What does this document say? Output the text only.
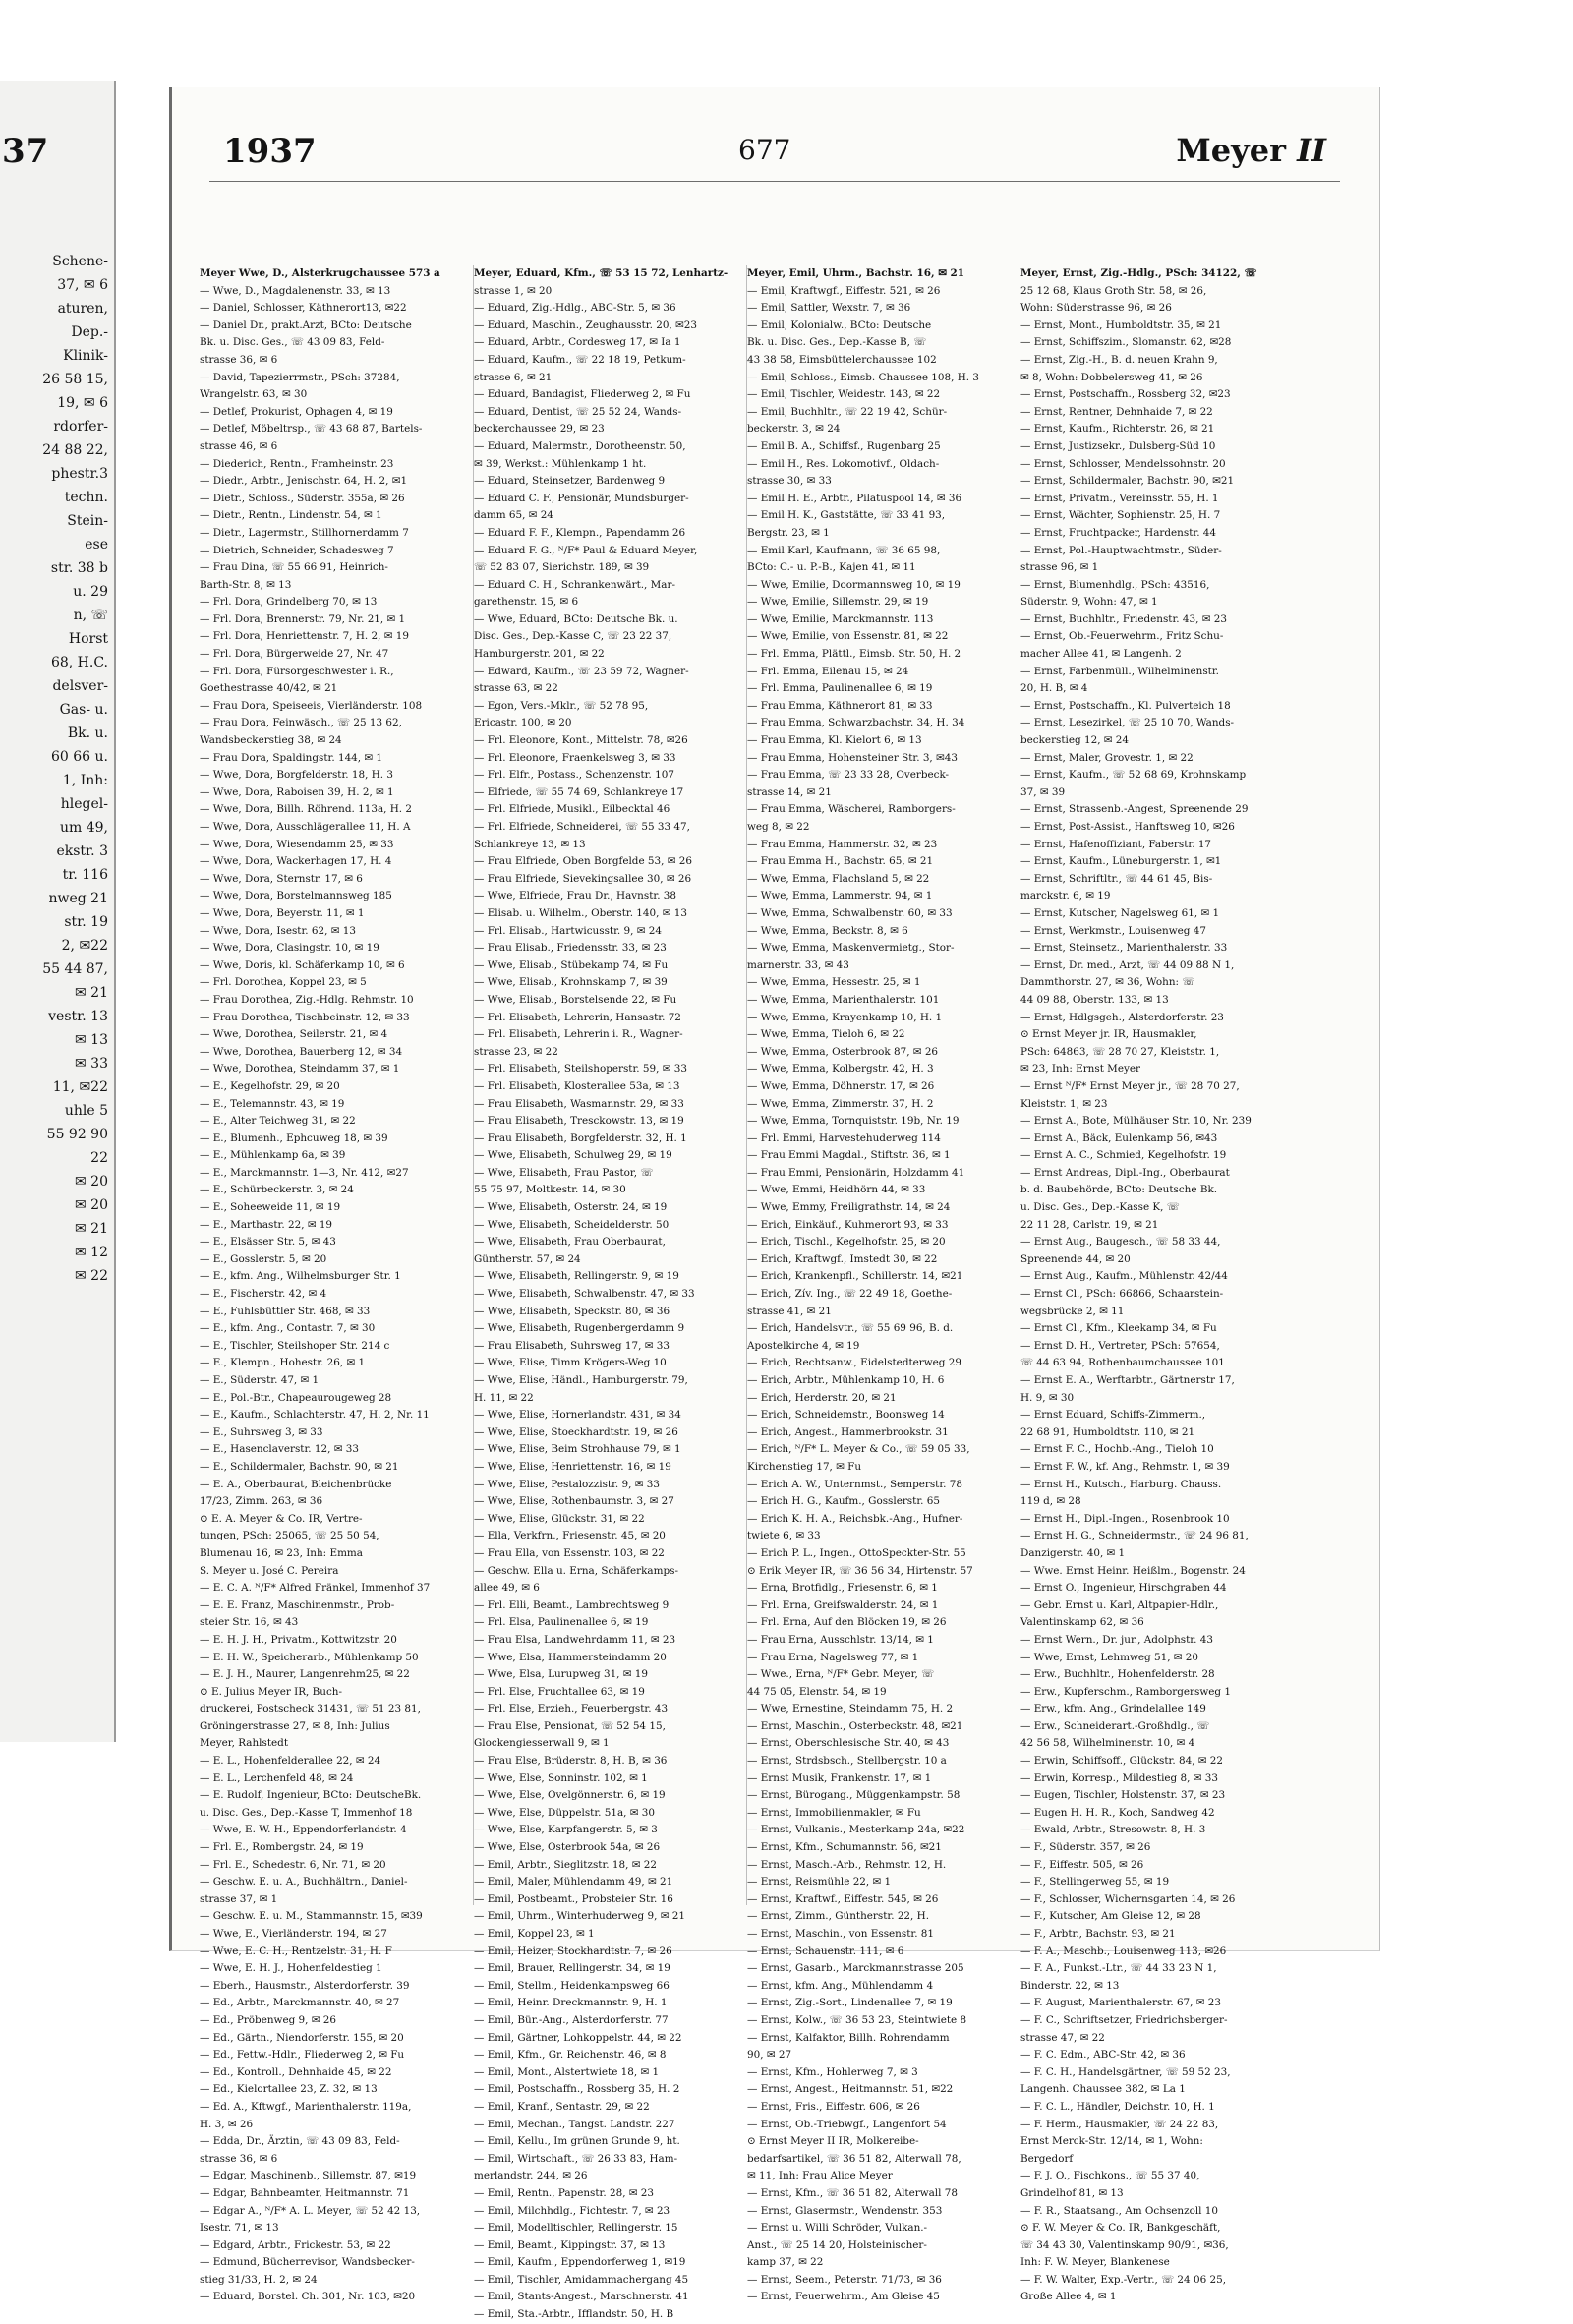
37
Schene-
37, ✉ 6
aturen,
Dep.-
Klinik-
26 58 15,
19, ✉ 6
rdorfer-
24 88 22,
phestr.3
techn.
Stein-
ese
str. 38 b
u. 29
n, ☏
Horst
68, H.C.
delsver-
Gas- u.
Bk. u.
60 66 u.
1, Inh:
hlegel-
um 49,
ekstr. 3
tr. 116
nweg 21
str. 19
2, ✉22
55 44 87,
✉ 21
vestr. 13
✉ 13
✉ 33
11, ✉22
uhle 5
55 92 90
22
✉ 20
✉ 20
✉ 21
✉ 12
✉ 22
1937	677	Meyer II
Meyer Wwe, D., Alsterkrugchaussee 573 a
— Wwe, D., Magdalenenstr. 33, ✉ 13
— Daniel, Schlosser, Käthnerort13, ✉22
— Daniel Dr., prakt.Arzt, BCto: Deutsche
Bk. u. Disc. Ges., ☏ 43 09 83, Feld-
strasse 36, ✉ 6
— David, Tapezierrmstr., PSch: 37284,
Wrangelstr. 63, ✉ 30
— Detlef, Prokurist, Ophagen 4, ✉ 19
— Detlef, Möbeltrsp., ☏ 43 68 87, Bartels-
strasse 46, ✉ 6
— Diederich, Rentn., Framheinstr. 23
— Diedr., Arbtr., Jenischstr. 64, H. 2, ✉1
— Dietr., Schloss., Süderstr. 355a, ✉ 26
— Dietr., Rentn., Lindenstr. 54, ✉ 1
— Dietr., Lagermstr., Stillhornerdamm 7
— Dietrich, Schneider, Schadesweg 7
— Frau Dina, ☏ 55 66 91, Heinrich-
Barth-Str. 8, ✉ 13
— Frl. Dora, Grindelberg 70, ✉ 13
— Frl. Dora, Brennerstr. 79, Nr. 21, ✉ 1
— Frl. Dora, Henriettenstr. 7, H. 2, ✉ 19
— Frl. Dora, Bürgerweide 27, Nr. 47
— Frl. Dora, Fürsorgeschwester i. R.,
Goethestrasse 40/42, ✉ 21
— Frau Dora, Speiseeis, Vierländerstr. 108
— Frau Dora, Feinwäsch., ☏ 25 13 62,
Wandsbeckerstieg 38, ✉ 24
— Frau Dora, Spaldingstr. 144, ✉ 1
— Wwe, Dora, Borgfelderstr. 18, H. 3
— Wwe, Dora, Raboisen 39, H. 2, ✉ 1
— Wwe, Dora, Billh. Röhrend. 113a, H. 2
— Wwe, Dora, Ausschlägerallee 11, H. A
— Wwe, Dora, Wiesendamm 25, ✉ 33
— Wwe, Dora, Wackerhagen 17, H. 4
— Wwe, Dora, Sternstr. 17, ✉ 6
— Wwe, Dora, Borstelmannsweg 185
— Wwe, Dora, Beyerstr. 11, ✉ 1
— Wwe, Dora, Isestr. 62, ✉ 13
— Wwe, Dora, Clasingstr. 10, ✉ 19
— Wwe, Doris, kl. Schäferkamp 10, ✉ 6
— Frl. Dorothea, Koppel 23, ✉ 5
— Frau Dorothea, Zig.-Hdlg. Rehmstr. 10
— Frau Dorothea, Tischbeinstr. 12, ✉ 33
— Wwe, Dorothea, Seilerstr. 21, ✉ 4
— Wwe, Dorothea, Bauerberg 12, ✉ 34
— Wwe, Dorothea, Steindamm 37, ✉ 1
— E., Kegelhofstr. 29, ✉ 20
— E., Telemannstr. 43, ✉ 19
— E., Alter Teichweg 31, ✉ 22
— E., Blumenh., Ephcuweg 18, ✉ 39
— E., Mühlenkamp 6a, ✉ 39
— E., Marckmannstr. 1—3, Nr. 412, ✉27
— E., Schürbeckerstr. 3, ✉ 24
— E., Soheeweide 11, ✉ 19
— E., Marthastr. 22, ✉ 19
— E., Elsässer Str. 5, ✉ 43
— E., Gosslerstr. 5, ✉ 20
— E., kfm. Ang., Wilhelmsburger Str. 1
— E., Fischerstr. 42, ✉ 4
— E., Fuhlsbüttler Str. 468, ✉ 33
— E., kfm. Ang., Contastr. 7, ✉ 30
— E., Tischler, Steilshoper Str. 214 c
— E., Klempn., Hohestr. 26, ✉ 1
— E., Süderstr. 47, ✉ 1
— E., Pol.-Btr., Chapeaurougeweg 28
— E., Kaufm., Schlachterstr. 47, H. 2, Nr. 11
— E., Suhrsweg 3, ✉ 33
— E., Hasenclaverstr. 12, ✉ 33
— E., Schildermaler, Bachstr. 90, ✉ 21
— E. A., Oberbaurat, Bleichenbrücke
17/23, Zimm. 263, ✉ 36
⊙ E. A. Meyer & Co. IR, Vertre-
tungen, PSch: 25065, ☏ 25 50 54,
Blumenau 16, ✉ 23, Inh: Emma
S. Meyer u. José C. Pereira
— E. C. A. ᴺ/F* Alfred Fränkel, Immenhof 37
— E. E. Franz, Maschinenmstr., Prob-
steier Str. 16, ✉ 43
— E. H. J. H., Privatm., Kottwitzstr. 20
— E. H. W., Speicherarb., Mühlenkamp 50
— E. J. H., Maurer, Langenrehm25, ✉ 22
⊙ E. Julius Meyer IR, Buch-
druckerei, Postscheck 31431, ☏ 51 23 81,
Gröningerstrasse 27, ✉ 8, Inh: Julius
Meyer, Rahlstedt
— E. L., Hohenfelderallee 22, ✉ 24
— E. L., Lerchenfeld 48, ✉ 24
— E. Rudolf, Ingenieur, BCto: DeutscheBk.
u. Disc. Ges., Dep.-Kasse T, Immenhof 18
— Wwe, E. W. H., Eppendorferlandstr. 4
— Frl. E., Rombergstr. 24, ✉ 19
— Frl. E., Schedestr. 6, Nr. 71, ✉ 20
— Geschw. E. u. A., Buchhältrn., Daniel-
strasse 37, ✉ 1
— Geschw. E. u. M., Stammannstr. 15, ✉39
— Wwe, E., Vierländerstr. 194, ✉ 27
— Wwe, E. C. H., Rentzelstr. 31, H. F
— Wwe, E. H. J., Hohenfeldestieg 1
— Eberh., Hausmstr., Alsterdorferstr. 39
— Ed., Arbtr., Marckmannstr. 40, ✉ 27
— Ed., Pröbenweg 9, ✉ 26
— Ed., Gärtn., Niendorferstr. 155, ✉ 20
— Ed., Fettw.-Hdlr., Fliederweg 2, ✉ Fu
— Ed., Kontroll., Dehnhaide 45, ✉ 22
— Ed., Kielortallee 23, Z. 32, ✉ 13
— Ed. A., Kftwgf., Marienthalerstr. 119a,
H. 3, ✉ 26
— Edda, Dr., Ärztin, ☏ 43 09 83, Feld-
strasse 36, ✉ 6
— Edgar, Maschinenb., Sillemstr. 87, ✉19
— Edgar, Bahnbeamter, Heitmannstr. 71
— Edgar A., ᴺ/F* A. L. Meyer, ☏ 52 42 13,
Isestr. 71, ✉ 13
— Edgard, Arbtr., Frickestr. 53, ✉ 22
— Edmund, Bücherrevisor, Wandsbecker-
stieg 31/33, H. 2, ✉ 24
— Eduard, Borstel. Ch. 301, Nr. 103, ✉20
Meyer, Eduard, Kfm., ☏ 53 15 72, Lenhartz-
strasse 1, ✉ 20
— Eduard, Zig.-Hdlg., ABC-Str. 5, ✉ 36
— Eduard, Maschin., Zeughausstr. 20, ✉23
— Eduard, Arbtr., Cordesweg 17, ✉ Ia 1
— Eduard, Kaufm., ☏ 22 18 19, Petkum-
strasse 6, ✉ 21
— Eduard, Bandagist, Fliederweg 2, ✉ Fu
— Eduard, Dentist, ☏ 25 52 24, Wands-
beckerchaussee 29, ✉ 23
— Eduard, Malermstr., Dorotheenstr. 50,
✉ 39, Werkst.: Mühlenkamp 1 ht.
— Eduard, Steinsetzer, Bardenweg 9
— Eduard C. F., Pensionär, Mundsburger-
damm 65, ✉ 24
— Eduard F. F., Klempn., Papendamm 26
— Eduard F. G., ᴺ/F* Paul & Eduard Meyer,
☏ 52 83 07, Sierichstr. 189, ✉ 39
— Eduard C. H., Schrankenwärt., Mar-
garethenstr. 15, ✉ 6
— Wwe, Eduard, BCto: Deutsche Bk. u.
Disc. Ges., Dep.-Kasse C, ☏ 23 22 37,
Hamburgerstr. 201, ✉ 22
— Edward, Kaufm., ☏ 23 59 72, Wagner-
strasse 63, ✉ 22
— Egon, Vers.-Mklr., ☏ 52 78 95,
Ericastr. 100, ✉ 20
— Frl. Eleonore, Kont., Mittelstr. 78, ✉26
— Frl. Eleonore, Fraenkelsweg 3, ✉ 33
— Frl. Elfr., Postass., Schenzenstr. 107
— Elfriede, ☏ 55 74 69, Schlankreye 17
— Frl. Elfriede, Musikl., Eilbecktal 46
— Frl. Elfriede, Schneiderei, ☏ 55 33 47,
Schlankreye 13, ✉ 13
— Frau Elfriede, Oben Borgfelde 53, ✉ 26
— Frau Elfriede, Sievekingsallee 30, ✉ 26
— Wwe, Elfriede, Frau Dr., Havnstr. 38
— Elisab. u. Wilhelm., Oberstr. 140, ✉ 13
— Frl. Elisab., Hartwicusstr. 9, ✉ 24
— Frau Elisab., Friedensstr. 33, ✉ 23
— Wwe, Elisab., Stübekamp 74, ✉ Fu
— Wwe, Elisab., Krohnskamp 7, ✉ 39
— Wwe, Elisab., Borstelsende 22, ✉ Fu
— Frl. Elisabeth, Lehrerin, Hansastr. 72
— Frl. Elisabeth, Lehrerin i. R., Wagner-
strasse 23, ✉ 22
— Frl. Elisabeth, Steilshoperstr. 59, ✉ 33
— Frl. Elisabeth, Klosterallee 53a, ✉ 13
— Frau Elisabeth, Wasmannstr. 29, ✉ 33
— Frau Elisabeth, Tresckowstr. 13, ✉ 19
— Frau Elisabeth, Borgfelderstr. 32, H. 1
— Wwe, Elisabeth, Schulweg 29, ✉ 19
— Wwe, Elisabeth, Frau Pastor, ☏
55 75 97, Moltkestr. 14, ✉ 30
— Wwe, Elisabeth, Osterstr. 24, ✉ 19
— Wwe, Elisabeth, Scheidelderstr. 50
— Wwe, Elisabeth, Frau Oberbaurat,
Güntherstr. 57, ✉ 24
— Wwe, Elisabeth, Rellingerstr. 9, ✉ 19
— Wwe, Elisabeth, Schwalbenstr. 47, ✉ 33
— Wwe, Elisabeth, Speckstr. 80, ✉ 36
— Wwe, Elisabeth, Rugenbergerdamm 9
— Frau Elisabeth, Suhrsweg 17, ✉ 33
— Wwe, Elise, Timm Krögers-Weg 10
— Wwe, Elise, Händl., Hamburgerstr. 79,
H. 11, ✉ 22
— Wwe, Elise, Hornerlandstr. 431, ✉ 34
— Wwe, Elise, Stoeckhardtstr. 19, ✉ 26
— Wwe, Elise, Beim Strohhause 79, ✉ 1
— Wwe, Elise, Henriettenstr. 16, ✉ 19
— Wwe, Elise, Pestalozzistr. 9, ✉ 33
— Wwe, Elise, Rothenbaumstr. 3, ✉ 27
— Wwe, Elise, Glückstr. 31, ✉ 22
— Ella, Verkfrn., Friesenstr. 45, ✉ 20
— Frau Ella, von Essenstr. 103, ✉ 22
— Geschw. Ella u. Erna, Schäferkamps-
allee 49, ✉ 6
— Frl. Elli, Beamt., Lambrechtsweg 9
— Frl. Elsa, Paulinenallee 6, ✉ 19
— Frau Elsa, Landwehrdamm 11, ✉ 23
— Wwe, Elsa, Hammersteindamm 20
— Wwe, Elsa, Lurupweg 31, ✉ 19
— Frl. Else, Fruchtallee 63, ✉ 19
— Frl. Else, Erzieh., Feuerbergstr. 43
— Frau Else, Pensionat, ☏ 52 54 15,
Glockengiesserwall 9, ✉ 1
— Frau Else, Brüderstr. 8, H. B, ✉ 36
— Wwe, Else, Sonninstr. 102, ✉ 1
— Wwe, Else, Ovelgönnerstr. 6, ✉ 19
— Wwe, Else, Düppelstr. 51a, ✉ 30
— Wwe, Else, Karpfangerstr. 5, ✉ 3
— Wwe, Else, Osterbrook 54a, ✉ 26
— Emil, Arbtr., Sieglitzstr. 18, ✉ 22
— Emil, Maler, Mühlendamm 49, ✉ 21
— Emil, Postbeamt., Probsteier Str. 16
— Emil, Uhrm., Winterhuderweg 9, ✉ 21
— Emil, Koppel 23, ✉ 1
— Emil, Heizer, Stockhardtstr. 7, ✉ 26
— Emil, Brauer, Rellingerstr. 34, ✉ 19
— Emil, Stellm., Heidenkampsweg 66
— Emil, Heinr. Dreckmannstr. 9, H. 1
— Emil, Bür.-Ang., Alsterdorferstr. 77
— Emil, Gärtner, Lohkoppelstr. 44, ✉ 22
— Emil, Kfm., Gr. Reichenstr. 46, ✉ 8
— Emil, Mont., Alstertwiete 18, ✉ 1
— Emil, Postschaffn., Rossberg 35, H. 2
— Emil, Kranf., Sentastr. 29, ✉ 22
— Emil, Mechan., Tangst. Landstr. 227
— Emil, Kellu., Im grünen Grunde 9, ht.
— Emil, Wirtschaft., ☏ 26 33 83, Ham-
merlandstr. 244, ✉ 26
— Emil, Rentn., Papenstr. 28, ✉ 23
— Emil, Milchhdlg., Fichtestr. 7, ✉ 23
— Emil, Modelltischler, Rellingerstr. 15
— Emil, Beamt., Kippingstr. 37, ✉ 13
— Emil, Kaufm., Eppendorferweg 1, ✉19
— Emil, Tischler, Amidammachergang 45
— Emil, Stants-Angest., Marschnerstr. 41
— Emil, Sta.-Arbtr., Ifflandstr. 50, H. B
Meyer, Emil, Uhrm., Bachstr. 16, ✉ 21
— Emil, Kraftwgf., Eiffestr. 521, ✉ 26
— Emil, Sattler, Wexstr. 7, ✉ 36
— Emil, Kolonialw., BCto: Deutsche
Bk. u. Disc. Ges., Dep.-Kasse B, ☏
43 38 58, Eimsbüttelerchaussee 102
— Emil, Schloss., Eimsb. Chaussee 108, H. 3
— Emil, Tischler, Weidestr. 143, ✉ 22
— Emil, Buchhltr., ☏ 22 19 42, Schür-
beckerstr. 3, ✉ 24
— Emil B. A., Schiffsf., Rugenbarg 25
— Emil H., Res. Lokomotivf., Oldach-
strasse 30, ✉ 33
— Emil H. E., Arbtr., Pilatuspool 14, ✉ 36
— Emil H. K., Gaststätte, ☏ 33 41 93,
Bergstr. 23, ✉ 1
— Emil Karl, Kaufmann, ☏ 36 65 98,
BCto: C.- u. P.-B., Kajen 41, ✉ 11
— Wwe, Emilie, Doormannsweg 10, ✉ 19
— Wwe, Emilie, Sillemstr. 29, ✉ 19
— Wwe, Emilie, Marckmannstr. 113
— Wwe, Emilie, von Essenstr. 81, ✉ 22
— Frl. Emma, Plättl., Eimsb. Str. 50, H. 2
— Frl. Emma, Eilenau 15, ✉ 24
— Frl. Emma, Paulinenallee 6, ✉ 19
— Frau Emma, Käthnerort 81, ✉ 33
— Frau Emma, Schwarzbachstr. 34, H. 34
— Frau Emma, Kl. Kielort 6, ✉ 13
— Frau Emma, Hohensteiner Str. 3, ✉43
— Frau Emma, ☏ 23 33 28, Overbeck-
strasse 14, ✉ 21
— Frau Emma, Wäscherei, Ramborgers-
weg 8, ✉ 22
— Frau Emma, Hammerstr. 32, ✉ 23
— Frau Emma H., Bachstr. 65, ✉ 21
— Wwe, Emma, Flachsland 5, ✉ 22
— Wwe, Emma, Lammerstr. 94, ✉ 1
— Wwe, Emma, Schwalbenstr. 60, ✉ 33
— Wwe, Emma, Beckstr. 8, ✉ 6
— Wwe, Emma, Maskenvermietg., Stor-
marnerstr. 33, ✉ 43
— Wwe, Emma, Hessestr. 25, ✉ 1
— Wwe, Emma, Marienthalerstr. 101
— Wwe, Emma, Krayenkamp 10, H. 1
— Wwe, Emma, Tieloh 6, ✉ 22
— Wwe, Emma, Osterbrook 87, ✉ 26
— Wwe, Emma, Kolbergstr. 42, H. 3
— Wwe, Emma, Döhnerstr. 17, ✉ 26
— Wwe, Emma, Zimmerstr. 37, H. 2
— Wwe, Emma, Tornquiststr. 19b, Nr. 19
— Frl. Emmi, Harvestehuderweg 114
— Frau Emmi Magdal., Stiftstr. 36, ✉ 1
— Frau Emmi, Pensionärin, Holzdamm 41
— Wwe, Emmi, Heidhörn 44, ✉ 33
— Wwe, Emmy, Freiligrathstr. 14, ✉ 24
— Erich, Einkäuf., Kuhmerort 93, ✉ 33
— Erich, Tischl., Kegelhofstr. 25, ✉ 20
— Erich, Kraftwgf., Imstedt 30, ✉ 22
— Erich, Krankenpfl., Schillerstr. 14, ✉21
— Erich, Zív. Ing., ☏ 22 49 18, Goethe-
strasse 41, ✉ 21
— Erich, Handelsvtr., ☏ 55 69 96, B. d.
Apostelkirche 4, ✉ 19
— Erich, Rechtsanw., Eidelstedterweg 29
— Erich, Arbtr., Mühlenkamp 10, H. 6
— Erich, Herderstr. 20, ✉ 21
— Erich, Schneidemstr., Boonsweg 14
— Erich, Angest., Hammerbrookstr. 31
— Erich, ᴺ/F* L. Meyer & Co., ☏ 59 05 33,
Kirchenstieg 17, ✉ Fu
— Erich A. W., Unternmst., Semperstr. 78
— Erich H. G., Kaufm., Gosslerstr. 65
— Erich K. H. A., Reichsbk.-Ang., Hufner-
twiete 6, ✉ 33
— Erich P. L., Ingen., OttoSpeckter-Str. 55
⊙ Erik Meyer IR, ☏ 36 56 34, Hirtenstr. 57
— Erna, Brotfidlg., Friesenstr. 6, ✉ 1
— Frl. Erna, Greifswalderstr. 24, ✉ 1
— Frl. Erna, Auf den Blöcken 19, ✉ 26
— Frau Erna, Ausschlstr. 13/14, ✉ 1
— Frau Erna, Nagelsweg 77, ✉ 1
— Wwe., Erna, ᴺ/F* Gebr. Meyer, ☏
44 75 05, Elenstr. 54, ✉ 19
— Wwe, Ernestine, Steindamm 75, H. 2
— Ernst, Maschin., Osterbeckstr. 48, ✉21
— Ernst, Oberschlesische Str. 40, ✉ 43
— Ernst, Strdsbsch., Stellbergstr. 10 a
— Ernst Musik, Frankenstr. 17, ✉ 1
— Ernst, Bürogang., Müggenkampstr. 58
— Ernst, Immobilienmakler, ✉ Fu
— Ernst, Vulkanis., Mesterkamp 24a, ✉22
— Ernst, Kfm., Schumannstr. 56, ✉21
— Ernst, Masch.-Arb., Rehmstr. 12, H.
— Ernst, Reismühle 22, ✉ 1
— Ernst, Kraftwf., Eiffestr. 545, ✉ 26
— Ernst, Zimm., Güntherstr. 22, H.
— Ernst, Maschin., von Essenstr. 81
— Ernst, Schauenstr. 111, ✉ 6
— Ernst, Gasarb., Marckmannstrasse 205
— Ernst, kfm. Ang., Mühlendamm 4
— Ernst, Zig.-Sort., Lindenallee 7, ✉ 19
— Ernst, Kolw., ☏ 36 53 23, Steintwiete 8
— Ernst, Kalfaktor, Billh. Rohrendamm
90, ✉ 27
— Ernst, Kfm., Hohlerweg 7, ✉ 3
— Ernst, Angest., Heitmannstr. 51, ✉22
— Ernst, Fris., Eiffestr. 606, ✉ 26
— Ernst, Ob.-Triebwgf., Langenfort 54
⊙ Ernst Meyer II IR, Molkereibe-
bedarfsartikel, ☏ 36 51 82, Alterwall 78,
✉ 11, Inh: Frau Alice Meyer
— Ernst, Kfm., ☏ 36 51 82, Alterwall 78
— Ernst, Glasermstr., Wendenstr. 353
— Ernst u. Willi Schröder, Vulkan.-
Anst., ☏ 25 14 20, Holsteinischer-
kamp 37, ✉ 22
— Ernst, Seem., Peterstr. 71/73, ✉ 36
— Ernst, Feuerwehrm., Am Gleise 45
Meyer, Ernst, Zig.-Hdlg., PSch: 34122, ☏
25 12 68, Klaus Groth Str. 58, ✉ 26,
Wohn: Süderstrasse 96, ✉ 26
— Ernst, Mont., Humboldtstr. 35, ✉ 21
— Ernst, Schiffszim., Slomanstr. 62, ✉28
— Ernst, Zig.-H., B. d. neuen Krahn 9,
✉ 8, Wohn: Dobbelersweg 41, ✉ 26
— Ernst, Postschaffn., Rossberg 32, ✉23
— Ernst, Rentner, Dehnhaide 7, ✉ 22
— Ernst, Kaufm., Richterstr. 26, ✉ 21
— Ernst, Justizsekr., Dulsberg-Süd 10
— Ernst, Schlosser, Mendelssohnstr. 20
— Ernst, Schildermaler, Bachstr. 90, ✉21
— Ernst, Privatm., Vereinsstr. 55, H. 1
— Ernst, Wächter, Sophienstr. 25, H. 7
— Ernst, Fruchtpacker, Hardenstr. 44
— Ernst, Pol.-Hauptwachtmstr., Süder-
strasse 96, ✉ 1
— Ernst, Blumenhdlg., PSch: 43516,
Süderstr. 9, Wohn: 47, ✉ 1
— Ernst, Buchhltr., Friedenstr. 43, ✉ 23
— Ernst, Ob.-Feuerwehrm., Fritz Schu-
macher Allee 41, ✉ Langenh. 2
— Ernst, Farbenmüll., Wilhelminenstr.
20, H. B, ✉ 4
— Ernst, Postschaffn., Kl. Pulverteich 18
— Ernst, Lesezirkel, ☏ 25 10 70, Wands-
beckerstieg 12, ✉ 24
— Ernst, Maler, Grovestr. 1, ✉ 22
— Ernst, Kaufm., ☏ 52 68 69, Krohnskamp
37, ✉ 39
— Ernst, Strassenb.-Angest, Spreenende 29
— Ernst, Post-Assist., Hanftsweg 10, ✉26
— Ernst, Hafenoffiziant, Faberstr. 17
— Ernst, Kaufm., Lüneburgerstr. 1, ✉1
— Ernst, Schriftltr., ☏ 44 61 45, Bis-
marckstr. 6, ✉ 19
— Ernst, Kutscher, Nagelsweg 61, ✉ 1
— Ernst, Werkmstr., Louisenweg 47
— Ernst, Steinsetz., Marienthalerstr. 33
— Ernst, Dr. med., Arzt, ☏ 44 09 88 N 1,
Dammthorstr. 27, ✉ 36, Wohn: ☏
44 09 88, Oberstr. 133, ✉ 13
— Ernst, Hdlgsgeh., Alsterdorferstr. 23
⊙ Ernst Meyer jr. IR, Hausmakler,
PSch: 64863, ☏ 28 70 27, Kleiststr. 1,
✉ 23, Inh: Ernst Meyer
— Ernst ᴺ/F* Ernst Meyer jr., ☏ 28 70 27,
Kleiststr. 1, ✉ 23
— Ernst A., Bote, Mülhäuser Str. 10, Nr. 239
— Ernst A., Bäck, Eulenkamp 56, ✉43
— Ernst A. C., Schmied, Kegelhofstr. 19
— Ernst Andreas, Dipl.-Ing., Oberbaurat
b. d. Baubehörde, BCto: Deutsche Bk.
u. Disc. Ges., Dep.-Kasse K, ☏
22 11 28, Carlstr. 19, ✉ 21
— Ernst Aug., Baugesch., ☏ 58 33 44,
Spreenende 44, ✉ 20
— Ernst Aug., Kaufm., Mühlenstr. 42/44
— Ernst Cl., PSch: 66866, Schaarstein-
wegsbrücke 2, ✉ 11
— Ernst Cl., Kfm., Kleekamp 34, ✉ Fu
— Ernst D. H., Vertreter, PSch: 57654,
☏ 44 63 94, Rothenbaumchaussee 101
— Ernst E. A., Werftarbtr., Gärtnerstr 17,
H. 9, ✉ 30
— Ernst Eduard, Schiffs-Zimmerm.,
22 68 91, Humboldtstr. 110, ✉ 21
— Ernst F. C., Hochb.-Ang., Tieloh 10
— Ernst F. W., kf. Ang., Rehmstr. 1, ✉ 39
— Ernst H., Kutsch., Harburg. Chauss.
119 d, ✉ 28
— Ernst H., Dipl.-Ingen., Rosenbrook 10
— Ernst H. G., Schneidermstr., ☏ 24 96 81,
Danzigerstr. 40, ✉ 1
— Wwe. Ernst Heinr. Heißlm., Bogenstr. 24
— Ernst O., Ingenieur, Hirschgraben 44
— Gebr. Ernst u. Karl, Altpapier-Hdlr.,
Valentinskamp 62, ✉ 36
— Ernst Wern., Dr. jur., Adolphstr. 43
— Wwe, Ernst, Lehmweg 51, ✉ 20
— Erw., Buchhltr., Hohenfelderstr. 28
— Erw., Kupferschm., Ramborgersweg 1
— Erw., kfm. Ang., Grindelallee 149
— Erw., Schneiderart.-Großhdlg., ☏
42 56 58, Wilhelminenstr. 10, ✉ 4
— Erwin, Schiffsoff., Glückstr. 84, ✉ 22
— Erwin, Korresp., Mildestieg 8, ✉ 33
— Eugen, Tischler, Holstenstr. 37, ✉ 23
— Eugen H. H. R., Koch, Sandweg 42
— Ewald, Arbtr., Stresowstr. 8, H. 3
— F., Süderstr. 357, ✉ 26
— F., Eiffestr. 505, ✉ 26
— F., Stellingerweg 55, ✉ 19
— F., Schlosser, Wichernsgarten 14, ✉ 26
— F., Kutscher, Am Gleise 12, ✉ 28
— F., Arbtr., Bachstr. 93, ✉ 21
— F. A., Maschb., Louisenweg 113, ✉26
— F. A., Funkst.-Ltr., ☏ 44 33 23 N 1,
Binderstr. 22, ✉ 13
— F. August, Marienthalerstr. 67, ✉ 23
— F. C., Schriftsetzer, Friedrichsberger-
strasse 47, ✉ 22
— F. C. Edm., ABC-Str. 42, ✉ 36
— F. C. H., Handelsgärtner, ☏ 59 52 23,
Langenh. Chaussee 382, ✉ La 1
— F. C. L., Händler, Deichstr. 10, H. 1
— F. Herm., Hausmakler, ☏ 24 22 83,
Ernst Merck-Str. 12/14, ✉ 1, Wohn:
Bergedorf
— F. J. O., Fischkons., ☏ 55 37 40,
Grindelhof 81, ✉ 13
— F. R., Staatsang., Am Ochsenzoll 10
⊙ F. W. Meyer & Co. IR, Bankgeschäft,
☏ 34 43 30, Valentinskamp 90/91, ✉36,
Inh: F. W. Meyer, Blankenese
— F. W. Walter, Exp.-Vertr., ☏ 24 06 25,
Große Allee 4, ✉ 1
